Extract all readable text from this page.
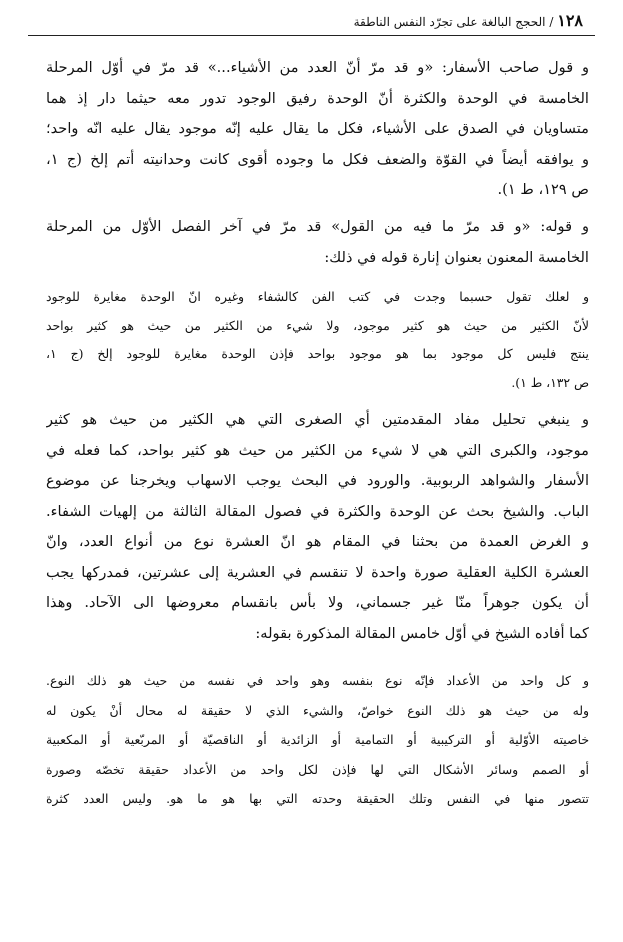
١٢٨ / الحجج البالغة على تجرّد النفس الناطقة
و قول صاحب الأسفار: «و قد مرّ أنّ العدد من الأشياء...» قد مرّ في أوّل المرحلة
الخامسة في الوحدة والكثرة أنّ الوحدة رفيق الوجود تدور معه حيثما دار إذ هما
متساويان في الصدق على الأشياء، فكل ما يقال عليه إنّه موجود يقال عليه انّه واحد؛
و يوافقه أيضاً في القوّة والضعف فكل ما وجوده أقوى كانت وحدانيته أتم إلخ (ج ١،
ص ١٢٩، ط ١).
و قوله: «و قد مرّ ما فيه من القول» قد مرّ في آخر الفصل الأوّل من المرحلة
الخامسة المعنون بعنوان إنارة قوله في ذلك:
و لعلك تقول حسبما وجدت في كتب الفن كالشفاء وغيره انّ الوحدة مغايرة للوجود
لأنّ الكثير من حيث هو كثير موجود، ولا شيء من الكثير من حيث هو كثير بواحد
ينتج فليس كل موجود بما هو موجود بواحد فإذن الوحدة مغايرة للوجود إلخ (ج ١،
ص ١٣٢، ط ١).
و ينبغي تحليل مفاد المقدمتين أي الصغرى التي هي الكثير من حيث هو كثير
موجود، والكبرى التي هي لا شيء من الكثير من حيث هو كثير بواحد، كما فعله في
الأسفار والشواهد الربوبية. والورود في البحث يوجب الاسهاب ويخرجنا عن موضوع
الباب. والشيخ بحث عن الوحدة والكثرة في فصول المقالة الثالثة من إلهيات الشفاء.
و الغرض العمدة من بحثنا في المقام هو انّ العشرة نوع من أنواع العدد، وانّ
العشرة الكلية العقلية صورة واحدة لا تنقسم في العشرية إلى عشرتين، فمدركها يجب
أن يكون جوهراً منّا غير جسماني، ولا بأس بانقسام معروضها الى الآحاد. وهذا
كما أفاده الشيخ في أوّل خامس المقالة المذكورة بقوله:
و كل واحد من الأعداد فإنّه نوع بنفسه وهو واحد في نفسه من حيث هو ذلك النوع.
وله من حيث هو ذلك النوع خواصّ، والشيء الذي لا حقيقة له محال أنْ يكون له
خاصيته الأوّلية أو التركيبية أو التمامية أو الزائدية أو الناقصيّة أو المربّعية أو المكعبية
أو الصمم وسائر الأشكال التي لها فإذن لكل واحد من الأعداد حقيقة تخصّه وصورة
تتصور منها في النفس وتلك الحقيقة وحدته التي بها هو ما هو. وليس العدد كثرة
